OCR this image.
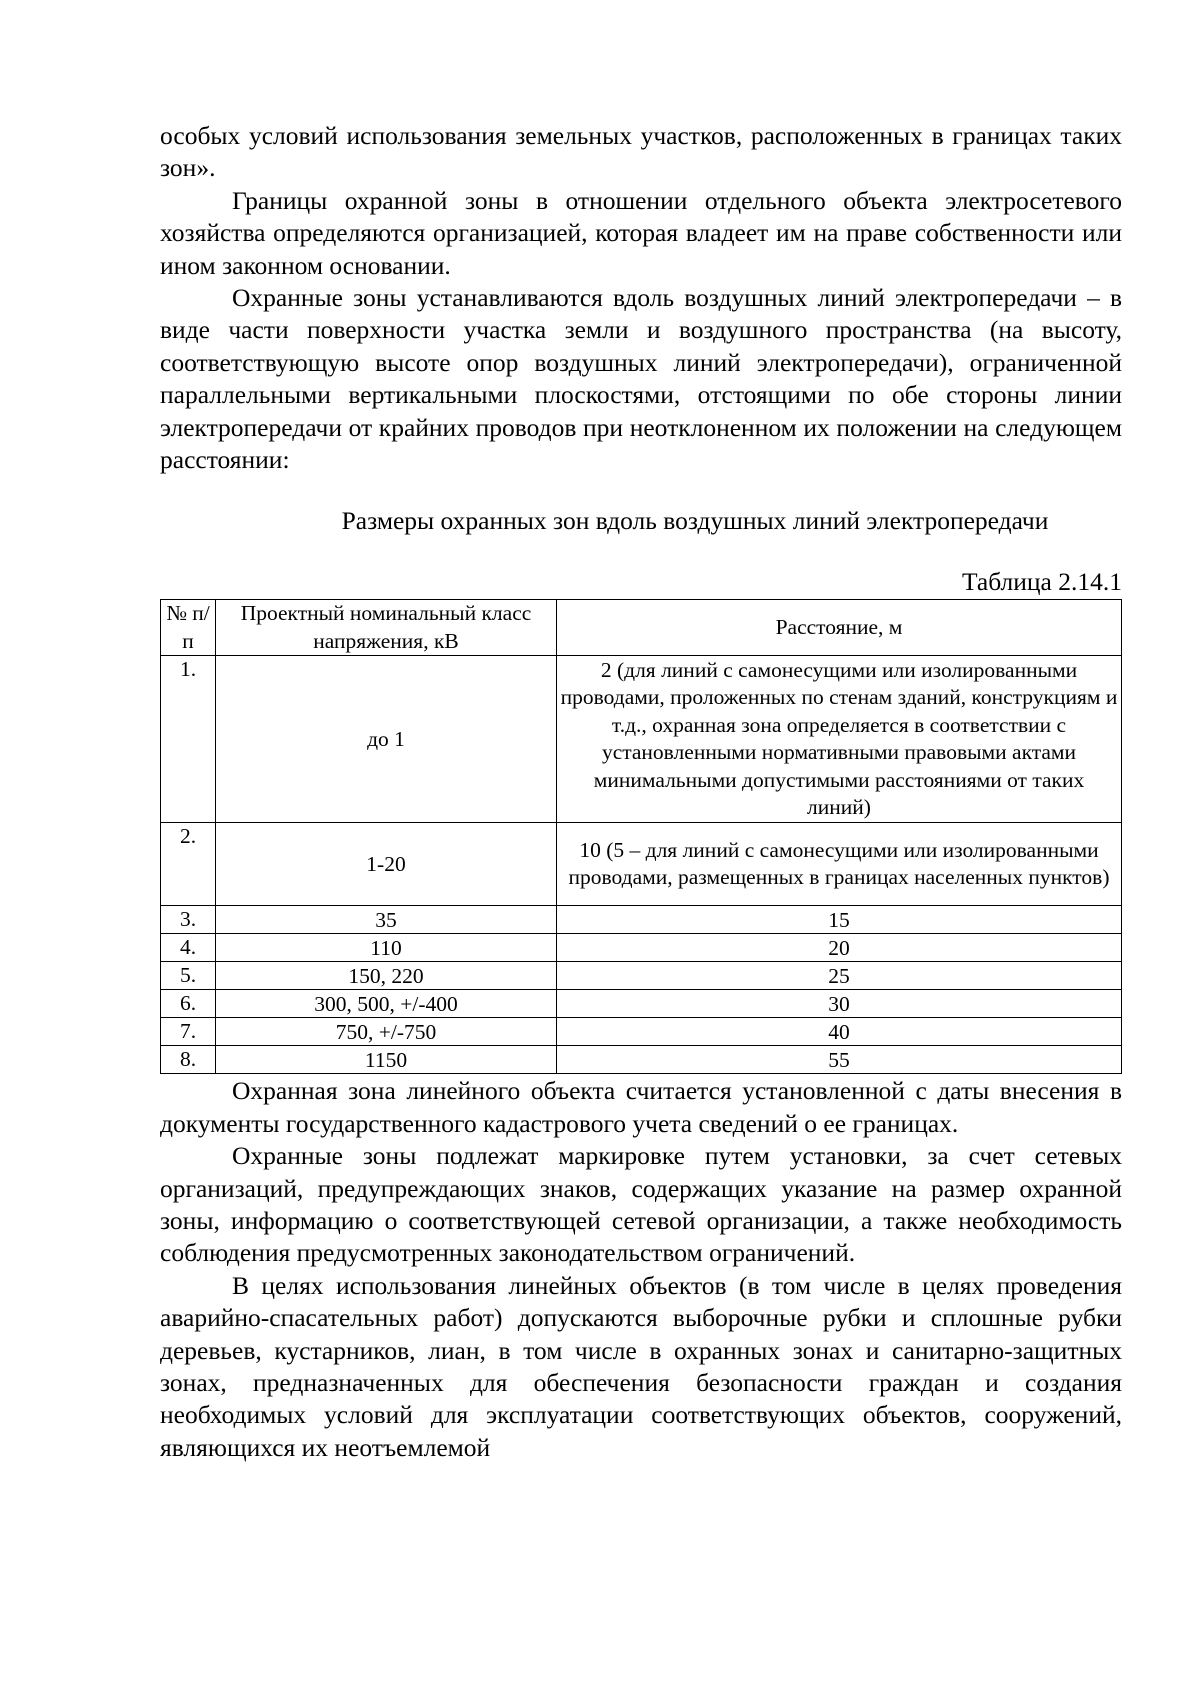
особых условий использования земельных участков, расположенных в границах таких зон».

Границы охранной зоны в отношении отдельного объекта электросетевого хозяйства определяются организацией, которая владеет им на праве собственности или ином законном основании.

Охранные зоны устанавливаются вдоль воздушных линий электропередачи – в виде части поверхности участка земли и воздушного пространства (на высоту, соответствующую высоте опор воздушных линий электропередачи), ограниченной параллельными вертикальными плоскостями, отстоящими по обе стороны линии электропередачи от крайних проводов при неотклоненном их положении на следующем расстоянии:

Размеры охранных зон вдоль воздушных линий электропередачи
Таблица 2.14.1
№ п/п	Проектный номинальный класс напряжения, кВ	Расстояние, м
1.	до 1	2 (для линий с самонесущими или изолированными проводами, проложенных по стенам зданий, конструкциям и т.д., охранная зона определяется в соответствии с установленными нормативными правовыми актами минимальными допустимыми расстояниями от таких линий)
2.	1-20	10 (5 – для линий с самонесущими или изолированными проводами, размещенных в границах населенных пунктов)
3.	35	15
4.	110	20
5.	150, 220	25
6.	300, 500, +/-400	30
7.	750, +/-750	40
8.	1150	55

Охранная зона линейного объекта считается установленной с даты внесения в документы государственного кадастрового учета сведений о ее границах.

Охранные зоны подлежат маркировке путем установки, за счет сетевых организаций, предупреждающих знаков, содержащих указание на размер охранной зоны, информацию о соответствующей сетевой организации, а также необходимость соблюдения предусмотренных законодательством ограничений.

В целях использования линейных объектов (в том числе в целях проведения аварийно-спасательных работ) допускаются выборочные рубки и сплошные рубки деревьев, кустарников, лиан, в том числе в охранных зонах и санитарно-защитных зонах, предназначенных для обеспечения безопасности граждан и создания необходимых условий для эксплуатации соответствующих объектов, сооружений, являющихся их неотъемлемой
